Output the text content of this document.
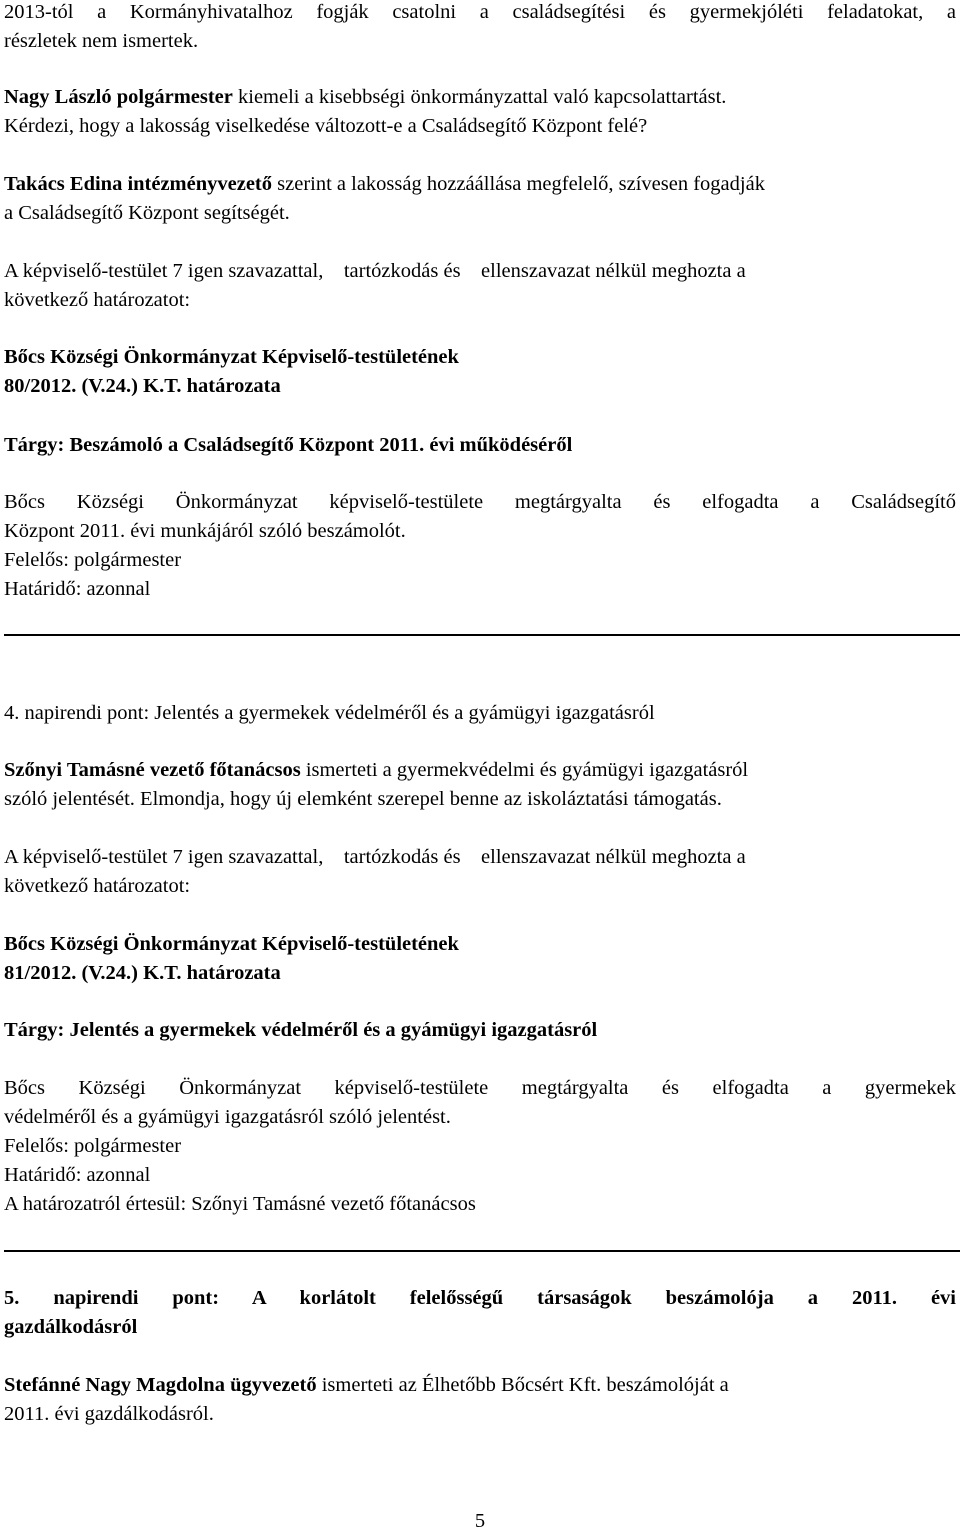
2013-tól a Kormányhivatalhoz fogják csatolni a családsegítési és gyermekjóléti feladatokat, a
részletek nem ismertek.

Nagy László polgármester kiemeli a kisebbségi önkormányzattal való kapcsolattartást.
Kérdezi, hogy a lakosság viselkedése változott-e a Családsegítő Központ felé?

Takács Edina intézményvezető szerint a lakosság hozzáállása megfelelő, szívesen fogadják
a Családsegítő Központ segítségét.

A képviselő-testület 7 igen szavazattal,    tartózkodás és    ellenszavazat nélkül meghozta a
következő határozatot:

Bőcs Községi Önkormányzat Képviselő-testületének
80/2012. (V.24.) K.T. határozata

Tárgy: Beszámoló a Családsegítő Központ 2011. évi működéséről

Bőcs Községi Önkormányzat képviselő-testülete megtárgyalta és elfogadta a Családsegítő
Központ 2011. évi munkájáról szóló beszámolót.
Felelős: polgármester
Határidő: azonnal

4. napirendi pont: Jelentés a gyermekek védelméről és a gyámügyi igazgatásról

Szőnyi Tamásné vezető főtanácsos ismerteti a gyermekvédelmi és gyámügyi igazgatásról
szóló jelentését. Elmondja, hogy új elemként szerepel benne az iskoláztatási támogatás.

A képviselő-testület 7 igen szavazattal,    tartózkodás és    ellenszavazat nélkül meghozta a
következő határozatot:

Bőcs Községi Önkormányzat Képviselő-testületének
81/2012. (V.24.) K.T. határozata

Tárgy: Jelentés a gyermekek védelméről és a gyámügyi igazgatásról

Bőcs Községi Önkormányzat képviselő-testülete megtárgyalta és elfogadta a gyermekek
védelméről és a gyámügyi igazgatásról szóló jelentést.
Felelős: polgármester
Határidő: azonnal
A határozatról értesül: Szőnyi Tamásné vezető főtanácsos

5. napirendi pont: A korlátolt felelősségű társaságok beszámolója a 2011. évi
gazdálkodásról

Stefánné Nagy Magdolna ügyvezető ismerteti az Élhetőbb Bőcsért Kft. beszámolóját a
2011. évi gazdálkodásról.

5
